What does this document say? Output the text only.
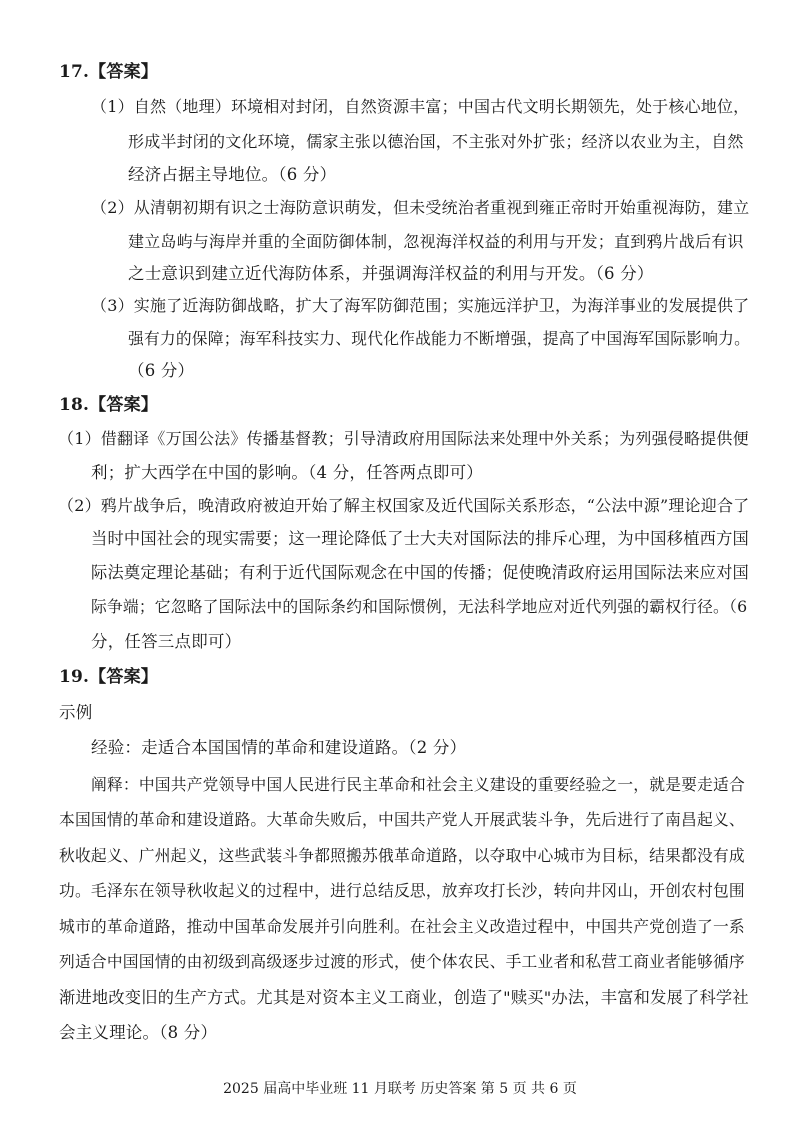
17.【答案】
（1）自然（地理）环境相对封闭，自然资源丰富；中国古代文明长期领先，处于核心地位，
形成半封闭的文化环境，儒家主张以德治国，不主张对外扩张；经济以农业为主，自然
经济占据主导地位。（6 分）
（2）从清朝初期有识之士海防意识萌发，但未受统治者重视到雍正帝时开始重视海防，建立
建立岛屿与海岸并重的全面防御体制，忽视海洋权益的利用与开发；直到鸦片战后有识
之士意识到建立近代海防体系，并强调海洋权益的利用与开发。（6 分）
（3）实施了近海防御战略，扩大了海军防御范围；实施远洋护卫，为海洋事业的发展提供了
强有力的保障；海军科技实力、现代化作战能力不断增强，提高了中国海军国际影响力。
（6 分）
18.【答案】
（1）借翻译《万国公法》传播基督教；引导清政府用国际法来处理中外关系；为列强侵略提供便
利；扩大西学在中国的影响。（4 分，任答两点即可）
（2）鸦片战争后，晚清政府被迫开始了解主权国家及近代国际关系形态，“公法中源”理论迎合了
当时中国社会的现实需要；这一理论降低了士大夫对国际法的排斥心理，为中国移植西方国
际法奠定理论基础；有利于近代国际观念在中国的传播；促使晚清政府运用国际法来应对国
际争端；它忽略了国际法中的国际条约和国际惯例，无法科学地应对近代列强的霸权行径。（6
分，任答三点即可）
19.【答案】
示例
经验：走适合本国国情的革命和建设道路。（2 分）
阐释：中国共产党领导中国人民进行民主革命和社会主义建设的重要经验之一，就是要走适合
本国国情的革命和建设道路。大革命失败后，中国共产党人开展武装斗争，先后进行了南昌起义、
秋收起义、广州起义，这些武装斗争都照搬苏俄革命道路，以夺取中心城市为目标，结果都没有成
功。毛泽东在领导秋收起义的过程中，进行总结反思，放弃攻打长沙，转向井冈山，开创农村包围
城市的革命道路，推动中国革命发展并引向胜利。在社会主义改造过程中，中国共产党创造了一系
列适合中国国情的由初级到高级逐步过渡的形式，使个体农民、手工业者和私营工商业者能够循序
渐进地改变旧的生产方式。尤其是对资本主义工商业，创造了"赎买"办法，丰富和发展了科学社
会主义理论。（8 分）
2025 届高中毕业班 11 月联考 历史答案 第 5 页 共 6 页
